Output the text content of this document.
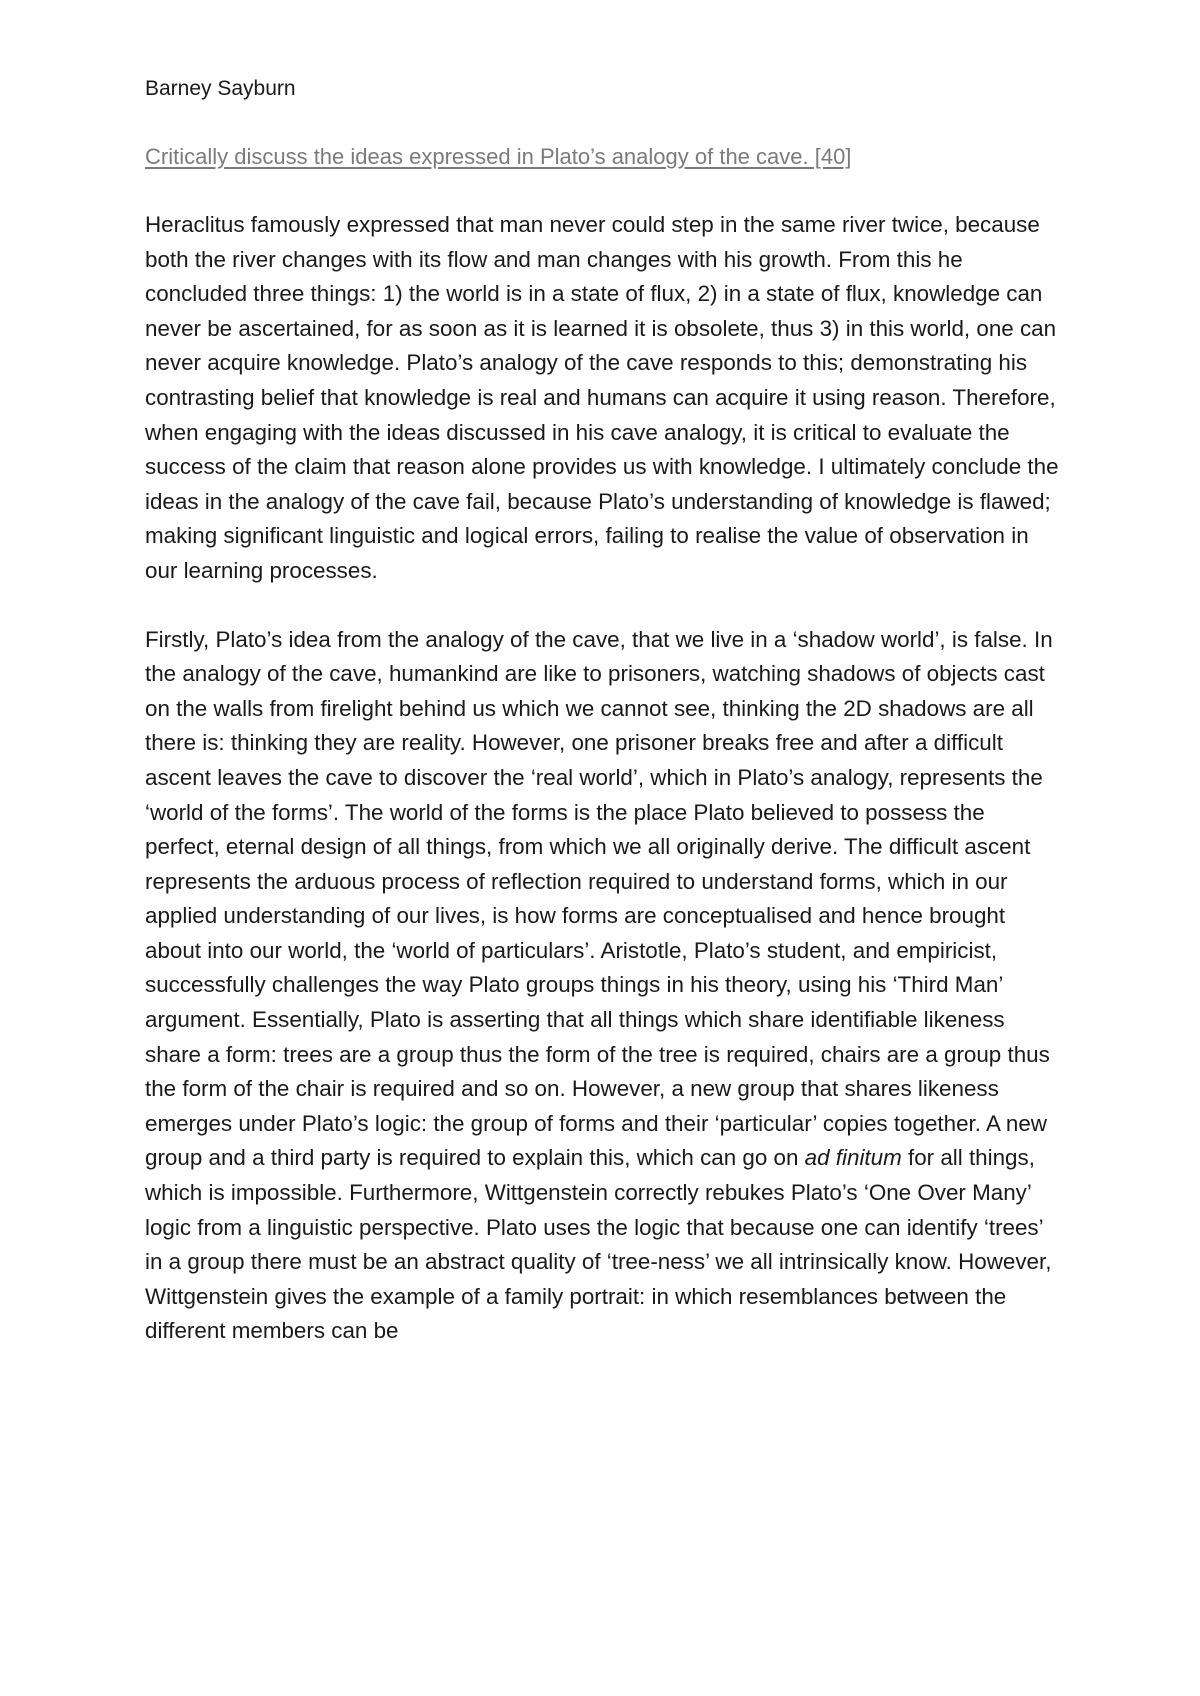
Barney Sayburn

Critically discuss the ideas expressed in Plato’s analogy of the cave. [40]

Heraclitus famously expressed that man never could step in the same river twice, because both the river changes with its flow and man changes with his growth. From this he concluded three things: 1) the world is in a state of flux, 2) in a state of flux, knowledge can never be ascertained, for as soon as it is learned it is obsolete, thus 3) in this world, one can never acquire knowledge. Plato’s analogy of the cave responds to this; demonstrating his contrasting belief that knowledge is real and humans can acquire it using reason. Therefore, when engaging with the ideas discussed in his cave analogy, it is critical to evaluate the success of the claim that reason alone provides us with knowledge. I ultimately conclude the ideas in the analogy of the cave fail, because Plato’s understanding of knowledge is flawed; making significant linguistic and logical errors, failing to realise the value of observation in our learning processes.

Firstly, Plato’s idea from the analogy of the cave, that we live in a ‘shadow world’, is false. In the analogy of the cave, humankind are like to prisoners, watching shadows of objects cast on the walls from firelight behind us which we cannot see, thinking the 2D shadows are all there is: thinking they are reality. However, one prisoner breaks free and after a difficult ascent leaves the cave to discover the ‘real world’, which in Plato’s analogy, represents the ‘world of the forms’. The world of the forms is the place Plato believed to possess the perfect, eternal design of all things, from which we all originally derive. The difficult ascent represents the arduous process of reflection required to understand forms, which in our applied understanding of our lives, is how forms are conceptualised and hence brought about into our world, the ‘world of particulars’. Aristotle, Plato’s student, and empiricist, successfully challenges the way Plato groups things in his theory, using his ‘Third Man’ argument. Essentially, Plato is asserting that all things which share identifiable likeness share a form: trees are a group thus the form of the tree is required, chairs are a group thus the form of the chair is required and so on. However, a new group that shares likeness emerges under Plato’s logic: the group of forms and their ‘particular’ copies together. A new group and a third party is required to explain this, which can go on ad finitum for all things, which is impossible. Furthermore, Wittgenstein correctly rebukes Plato’s ‘One Over Many’ logic from a linguistic perspective. Plato uses the logic that because one can identify ‘trees’ in a group there must be an abstract quality of ‘tree-ness’ we all intrinsically know. However, Wittgenstein gives the example of a family portrait: in which resemblances between the different members can be
